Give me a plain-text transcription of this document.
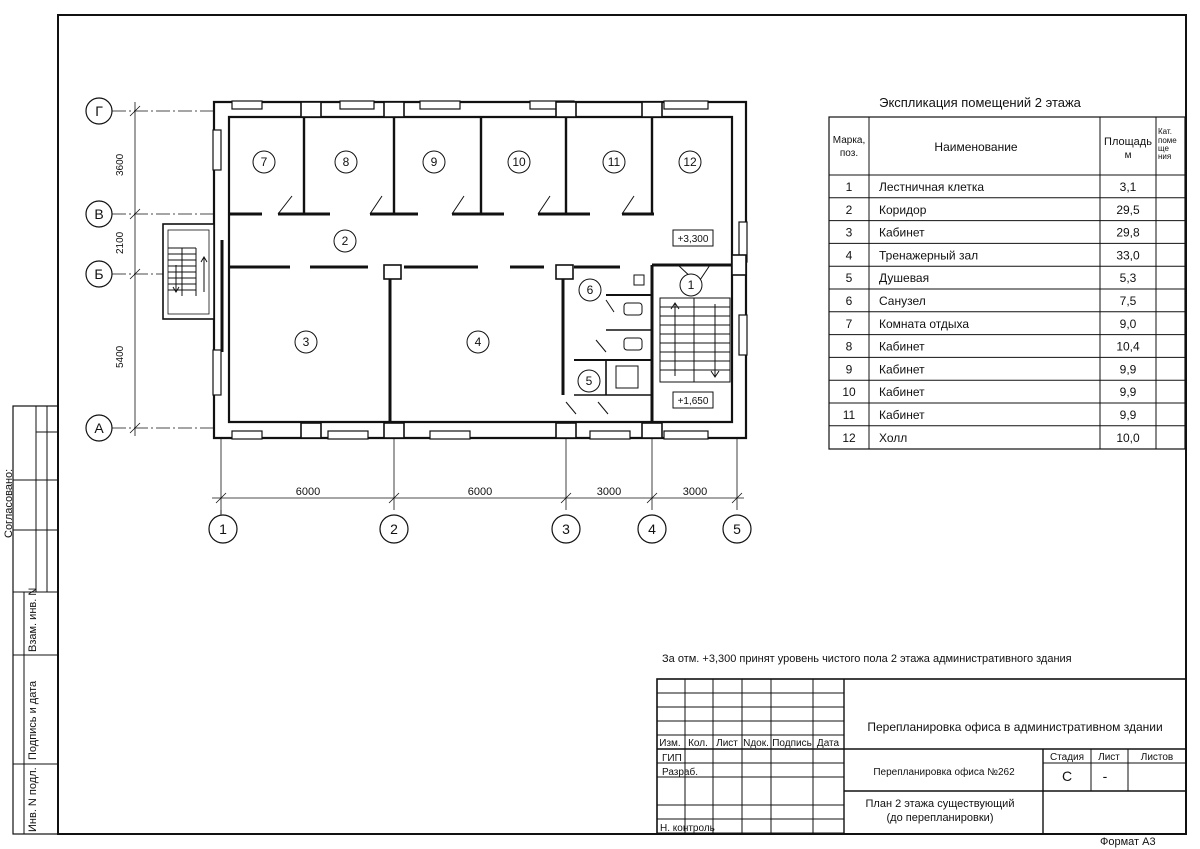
Согласовано:
Взам. инв. N
Подпись и дата
Инв. N подл.
Г
В
Б
А
3600
2100
5400
6000	6000	3000	3000
1	2	3	4	5
+3,300
+1,650
1
2
3	4
5
6
7	8	9	10	11	12
Экспликация помещений 2 этажа
Марка,
поз.	Наименование	Площадь
м
Кат.
поме
ще
ния
1 Лестничная клетка	3,1
2 Коридор	29,5
3 Кабинет	29,8
4 Тренажерный зал	33,0
5 Душевая	5,3
6 Санузел	7,5
7 Комната отдыха	9,0
8 Кабинет	10,4
9 Кабинет	9,9
10 Кабинет	9,9
11 Кабинет	9,9
12 Холл	10,0
За отм. +3,300 принят уровень чистого пола 2 этажа административного здания
Перепланировка офиса в административном здании
Перепланировка офиса №262
План 2 этажа существующий
(до перепланировки)
Стадия Лист Листов
С -
Изм. Кол. Лист Nдок. Подпись Дата
ГИП
Разраб.
Н. контроль
Формат А3
